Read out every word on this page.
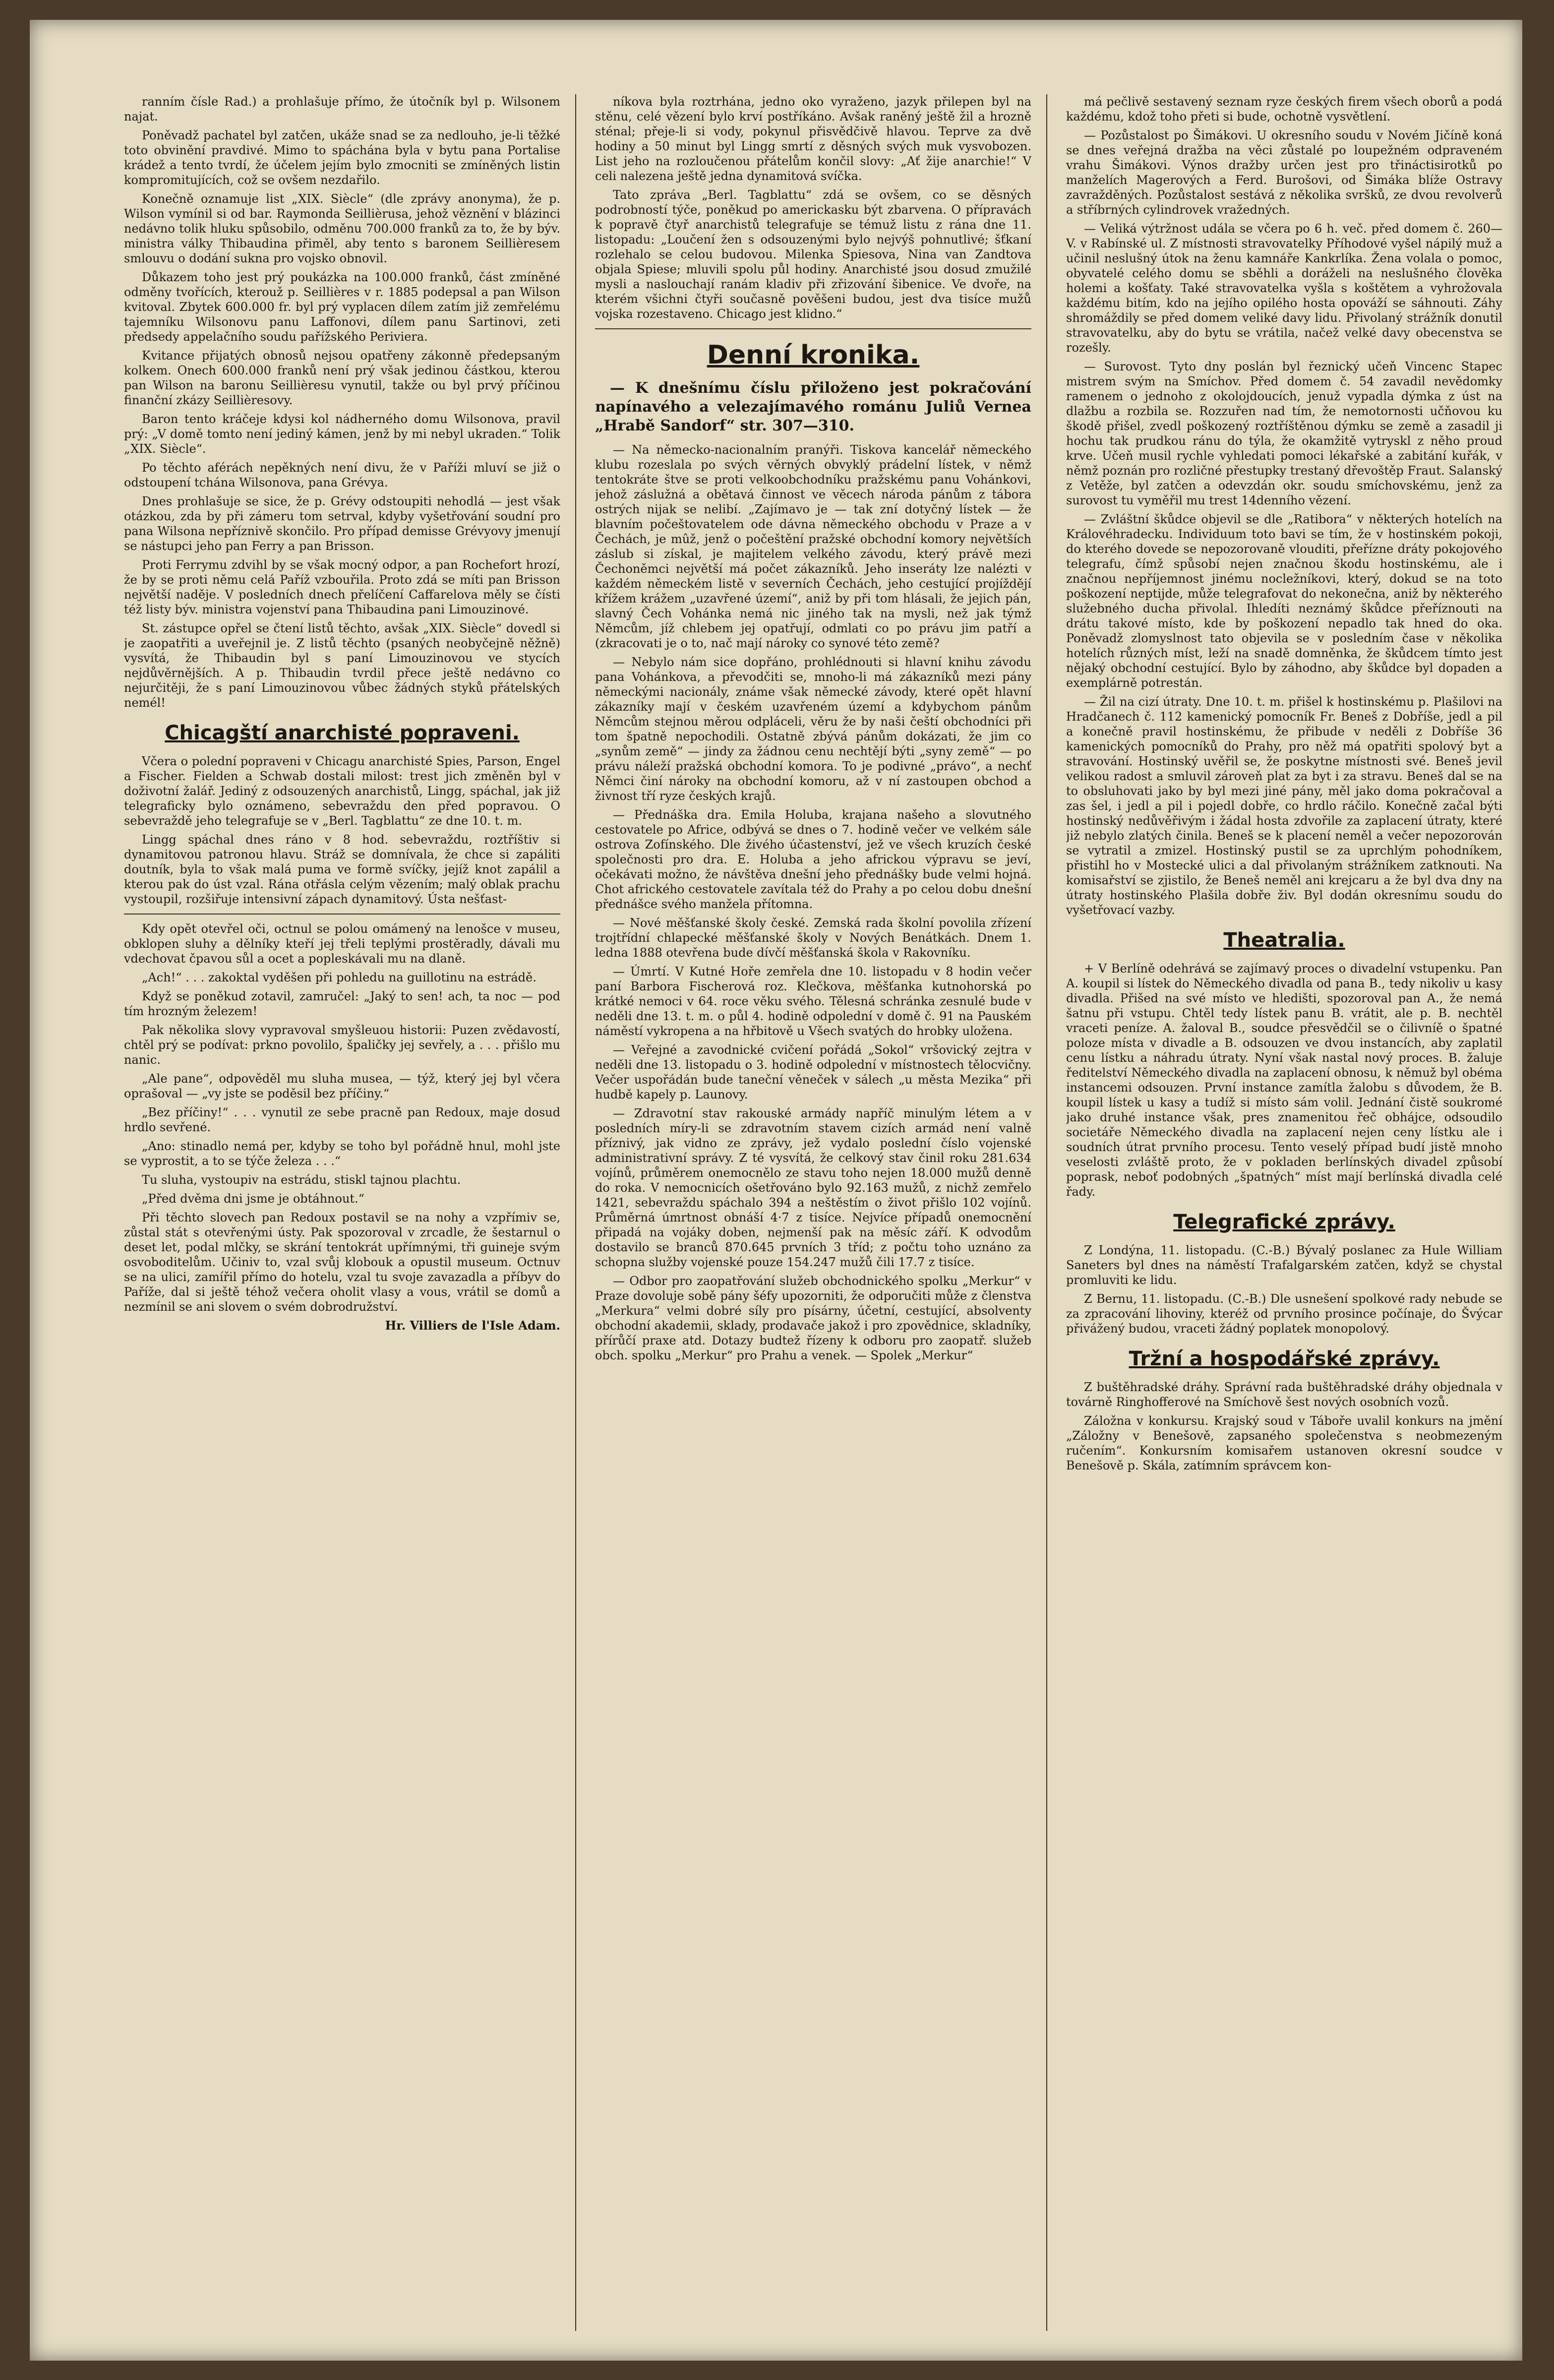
ranním čísle Rad.) a prohlašuje přímo, že útočník byl p. Wilsonem najat.

Poněvadž pachatel byl zatčen, ukáže snad se za nedlouho, je-li těžké toto obvinění pravdivé. Mimo to spáchána byla v bytu pana Portalise krádež a tento tvrdí, že účelem jejím bylo zmocniti se zmíněných listin kompromitujících, což se ovšem nezdařilo.

Konečně oznamuje list „XIX. Siècle“ (dle zprávy anonyma), že p. Wilson vymínil si od bar. Raymonda Seillièrusa, jehož věznění v blázinci nedávno tolik hluku spůsobilo, odměnu 700.000 franků za to, že by býv. ministra války Thibaudina přiměl, aby tento s baronem Seillièresem smlouvu o dodání sukna pro vojsko obnovil.

Důkazem toho jest prý poukázka na 100.000 franků, část zmíněné odměny tvořících, kterouž p. Seillières v r. 1885 podepsal a pan Wilson kvitoval. Zbytek 600.000 fr. byl prý vyplacen dílem zatím již zemřelému tajemníku Wilsonovu panu Laffonovi, dílem panu Sartinovi, zeti předsedy appelačního soudu pařížského Periviera.

Kvitance přijatých obnosů nejsou opatřeny zákonně předepsaným kolkem. Onech 600.000 franků není prý však jedinou částkou, kterou pan Wilson na baronu Seillièresu vynutil, takže ou byl prvý příčinou finanční zkázy Seillièresovy.

Baron tento kráčeje kdysi kol nádherného domu Wilsonova, pravil prý: „V domě tomto není jediný kámen, jenž by mi nebyl ukraden.“ Tolik „XIX. Siècle“.

Po těchto aférách nepěkných není divu, že v Paříži mluví se již o odstoupení tchána Wilsonova, pana Grévya.

Dnes prohlašuje se sice, že p. Grévy odstoupiti nehodlá — jest však otázkou, zda by při zámeru tom setrval, kdyby vyšetřování soudní pro pana Wilsona nepříznivě skončilo. Pro případ demisse Grévyovy jmenují se nástupci jeho pan Ferry a pan Brisson.

Proti Ferrymu zdvihl by se však mocný odpor, a pan Rochefort hrozí, že by se proti němu celá Paříž vzbouřila. Proto zdá se míti pan Brisson největší naděje. V posledních dnech přelíčení Caffarelova měly se čísti též listy býv. ministra vojenství pana Thibaudina pani Limouzinové.

St. zástupce opřel se čtení listů těchto, avšak „XIX. Siècle“ dovedl si je zaopatřiti a uveřejnil je. Z listů těchto (psaných neobyčejně něžně) vysvítá, že Thibaudin byl s paní Limouzinovou ve stycích nejdůvěrnějších. A p. Thibaudin tvrdil přece ještě nedávno co nejurčitěji, že s paní Limouzinovou vůbec žádných styků přátelských nemél!

Chicagští anarchisté popraveni.

Včera o polední popraveni v Chicagu anarchisté Spies, Parson, Engel a Fischer. Fielden a Schwab dostali milost: trest jich změněn byl v doživotní žalář. Jediný z odsouzených anarchistů, Lingg, spáchal, jak již telegraficky bylo oznámeno, sebevraždu den před popravou. O sebevraždě jeho telegrafuje se v „Berl. Tagblattu“ ze dne 10. t. m.

Lingg spáchal dnes ráno v 8 hod. sebevraždu, roztříštiv si dynamitovou patronou hlavu. Stráž se domnívala, že chce si zapáliti doutník, byla to však malá puma ve formě svíčky, jejíž knot zapálil a kterou pak do úst vzal. Rána otřásla celým vězením; malý oblak prachu vystoupil, rozšiřuje intensivní zápach dynamitový. Ústa nešťast-

Kdy opět otevřel oči, octnul se polou omámený na lenošce v museu, obklopen sluhy a dělníky kteří jej třeli teplými prostěradly, dávali mu vdechovat čpavou sůl a ocet a popleskávali mu na dlaně.

„Ach!“ . . . zakoktal vyděšen při pohledu na guillotinu na estrádě.

Když se poněkud zotavil, zamručel: „Jaký to sen! ach, ta noc — pod tím hrozným železem!

Pak několika slovy vypravoval smyšleuou historii: Puzen zvědavostí, chtěl prý se podívat: prkno povolilo, špaličky jej sevřely, a . . . přišlo mu nanic.

„Ale pane“, odpověděl mu sluha musea, — týž, který jej byl včera oprašoval — „vy jste se poděsil bez příčiny.“

„Bez příčiny!“ . . . vynutil ze sebe pracně pan Redoux, maje dosud hrdlo sevřené.

„Ano: stinadlo nemá per, kdyby se toho byl pořádně hnul, mohl jste se vyprostit, a to se týče železa . . .“

Tu sluha, vystoupiv na estrádu, stiskl tajnou plachtu.

„Před dvěma dni jsme je obtáhnout.“

Při těchto slovech pan Redoux postavil se na nohy a vzpřímiv se, zůstal stát s otevřenými ústy. Pak spozoroval v zrcadle, že šestarnul o deset let, podal mlčky, se skrání tentokrát upřímnými, tři guineje svým osvoboditelům. Učiniv to, vzal svůj klobouk a opustil museum. Octnuv se na ulici, zamířil přímo do hotelu, vzal tu svoje zavazadla a příbyv do Paříže, dal si ještě téhož večera oholit vlasy a vous, vrátil se domů a nezmínil se ani slovem o svém dobrodružství.

Hr. Villiers de l'Isle Adam.

níkova byla roztrhána, jedno oko vyraženo, jazyk přilepen byl na stěnu, celé vězení bylo krví postříkáno. Avšak raněný ještě žil a hrozně sténal; přeje-li si vody, pokynul přisvědčivě hlavou. Teprve za dvě hodiny a 50 minut byl Lingg smrtí z děsných svých muk vysvobozen. List jeho na rozloučenou přátelům končil slovy: „Ať žije anarchie!“ V celi nalezena ještě jedna dynamitová svíčka.

Tato zpráva „Berl. Tagblattu“ zdá se ovšem, co se děsných podrobností týče, poněkud po americkasku být zbarvena. O přípravách k popravě čtyř anarchistů telegrafuje se témuž listu z rána dne 11. listopadu: „Loučení žen s odsouzenými bylo nejvýš pohnutlivé; šťkaní rozlehalo se celou budovou. Milenka Spiesova, Nina van Zandtova objala Spiese; mluvili spolu půl hodiny. Anarchisté jsou dosud zmužilé mysli a naslouchají ranám kladiv při zřizování šibenice. Ve dvoře, na kterém všichni čtyři současně pověšeni budou, jest dva tisíce mužů vojska rozestaveno. Chicago jest klidno.“

Denní kronika.

— K dnešnímu číslu přiloženo jest pokračování napínavého a velezajímavého románu Juliů Vernea „Hrabě Sandorf“ str. 307—310.

— Na německo-nacionalním pranýři. Tiskova kancelář německého klubu rozeslala po svých věrných obvyklý prádelní lístek, v němž tentokráte štve se proti velkoobchodníku pražskému panu Vohánkovi, jehož záslužná a obětavá činnost ve věcech národa pánům z tábora ostrých nijak se nelibí. „Zajímavo je — tak zní dotyčný lístek — že blavním počeštovatelem ode dávna německého obchodu v Praze a v Čechách, je mûž, jenž o počeštění pražské obchodní komory největších záslub si získal, je majitelem velkého závodu, který právě mezi Čechoněmci největší má počet zákazníků. Jeho inseráty lze nalézti v každém německém listě v severních Čechách, jeho cestující projíždějí křížem krážem „uzavřené území“, aniž by při tom hlásali, že jejich pán, slavný Čech Vohánka nemá nic jiného tak na mysli, než jak týmž Němcům, jíž chlebem jej opatřují, odmlati co po právu jim patří a (zkracovati je o to, nač mají nároky co synové této země?

— Nebylo nám sice dopřáno, prohlédnouti si hlavní knihu závodu pana Vohánkova, a převodčiti se, mnoho-li má zákazníků mezi pány německými nacionály, známe však německé závody, které opět hlavní zákazníky mají v českém uzavřeném území a kdybychom pánům Němcům stejnou měrou odpláceli, věru že by naši čeští obchodníci při tom špatně nepochodili. Ostatně zbývá pánům dokázati, že jim co „synům země“ — jindy za žádnou cenu nechtějí býti „syny země“ — po právu náleží pražská obchodní komora. To je podivné „právo“, a nechť Němci činí nároky na obchodní komoru, až v ní zastoupen obchod a živnost tří ryze českých krajů.

— Přednáška dra. Emila Holuba, krajana našeho a slovutného cestovatele po Africe, odbývá se dnes o 7. hodině večer ve velkém sále ostrova Zofínského. Dle živého účastenství, jež ve všech kruzích české společnosti pro dra. E. Holuba a jeho africkou výpravu se jeví, očekávati možno, že návštěva dnešní jeho přednášky bude velmi hojná. Chot afrického cestovatele zavítala též do Prahy a po celou dobu dnešní přednášce svého manžela přítomna.

— Nové měšťanské školy české. Zemská rada školní povolila zřízení trojtřídní chlapecké měšťanské školy v Nových Benátkách. Dnem 1. ledna 1888 otevřena bude dívčí měšťanská škola v Rakovníku.

— Úmrtí. V Kutné Hoře zemřela dne 10. listopadu v 8 hodin večer paní Barbora Fischerová roz. Klečkova, měšťanka kutnohorská po krátké nemoci v 64. roce věku svého. Tělesná schránka zesnulé bude v neděli dne 13. t. m. o půl 4. hodině odpolední v domě č. 91 na Pauském náměstí vykropena a na hřbitově u Všech svatých do hrobky uložena.

— Veřejné a zavodnické cvičení pořádá „Sokol“ vršovický zejtra v neděli dne 13. listopadu o 3. hodině odpolední v místnostech tělocvičny. Večer uspořádán bude taneční věneček v sálech „u města Mezika“ při hudbě kapely p. Launovy.

— Zdravotní stav rakouské armády napříč minulým létem a v posledních míry-li se zdravotním stavem cizích armád není valně příznivý, jak vidno ze zprávy, jež vydalo poslední číslo vojenské administrativní správy. Z té vysvítá, že celkový stav činil roku 281.634 vojínů, průměrem onemocnělo ze stavu toho nejen 18.000 mužů denně do roka. V nemocnicích ošetřováno bylo 92.163 mužů, z nichž zemřelo 1421, sebevraždu spáchalo 394 a neštěstím o život přišlo 102 vojínů. Průměrná úmrtnost obnáší 4·7 z tisíce. Nejvíce případů onemocnění připadá na vojáky doben, nejmenší pak na měsíc září. K odvodům dostavilo se branců 870.645 prvních 3 tříd; z počtu toho uznáno za schopna služby vojenské pouze 154.247 mužů čili 17.7 z tisíce.

— Odbor pro zaopatřování služeb obchodnického spolku „Merkur“ v Praze dovoluje sobě pány šéfy upozorniti, že odporučiti může z členstva „Merkura“ velmi dobré síly pro písárny, účetní, cestující, absolventy obchodní akademii, sklady, prodavače jakož i pro zpovědnice, skladníky, přírůčí praxe atd. Dotazy budtež řízeny k odboru pro zaopatř. služeb obch. spolku „Merkur“ pro Prahu a venek. — Spolek „Merkur“

má pečlivě sestavený seznam ryze českých firem všech oborů a podá každému, kdož toho přeti si bude, ochotně vysvětlení.

— Pozůstalost po Šimákovi. U okresního soudu v Novém Jičíně koná se dnes veřejná dražba na věci zůstalé po loupežném odpraveném vrahu Šimákovi. Výnos dražby určen jest pro třináctisirotků po manželích Magerových a Ferd. Burošovi, od Šimáka blíže Ostravy zavražděných. Pozůstalost sestává z několika svršků, ze dvou revolverů a stříbrných cylindrovek vražedných.

— Veliká výtržnost udála se včera po 6 h. več. před domem č. 260—V. v Rabínské ul. Z místnosti stravovatelky Příhodové vyšel nápilý muž a učinil neslušný útok na ženu kamnáře Kankrlíka. Žena volala o pomoc, obyvatelé celého domu se sběhli a doráželi na neslušného člověka holemi a košťaty. Také stravovatelka vyšla s koštětem a vyhrožovala každému bitím, kdo na jejího opilého hosta opováží se sáhnouti. Záhy shromáždily se před domem veliké davy lidu. Přivolaný strážník donutil stravovatelku, aby do bytu se vrátila, načež velké davy obecenstva se rozešly.

— Surovost. Tyto dny poslán byl řeznický učeň Vincenc Stapec mistrem svým na Smíchov. Před domem č. 54 zavadil nevědomky ramenem o jednoho z okolojdoucích, jenuž vypadla dýmka z úst na dlažbu a rozbila se. Rozzuřen nad tím, že nemotornosti učňovou ku škodě přišel, zvedl poškozený roztříštěnou dýmku se země a zasadil ji hochu tak prudkou ránu do týla, že okamžitě vytryskl z něho proud krve. Učeň musil rychle vyhledati pomoci lékařské a zabitání kuřák, v němž poznán pro rozličné přestupky trestaný dřevoštěp Fraut. Salanský z Vetěže, byl zatčen a odevzdán okr. soudu smíchovskému, jenž za surovost tu vyměřil mu trest 14denního vězení.

— Zvláštní škůdce objevil se dle „Ratibora“ v některých hotelích na Královéhradecku. Individuum toto bavi se tím, že v hostinském pokoji, do kterého dovede se nepozorovaně vlouditi, přeřízne dráty pokojového telegrafu, čímž spůsobí nejen značnou škodu hostinskému, ale i značnou nepříjemnost jinému nocležníkovi, který, dokud se na toto poškození neptijde, může telegrafovat do nekonečna, aniž by některého služebného ducha přivolal. Ihledíti neznámý škůdce přeříznouti na drátu takové místo, kde by poškození nepadlo tak hned do oka. Poněvadž zlomyslnost tato objevila se v posledním čase v několika hotelích různých míst, leží na snadě domněnka, že škůdcem tímto jest nějaký obchodní cestující. Bylo by záhodno, aby škůdce byl dopaden a exemplárně potrestán.

— Žil na cizí útraty. Dne 10. t. m. přišel k hostinskému p. Plašilovi na Hradčanech č. 112 kamenický pomocník Fr. Beneš z Dobříše, jedl a pil a konečně pravil hostinskému, že přibude v neděli z Dobříše 36 kamenických pomocníků do Prahy, pro něž má opatřiti spolový byt a stravování. Hostinský uvěřil se, že poskytne místnosti své. Beneš jevil velikou radost a smluvil zároveň plat za byt i za stravu. Beneš dal se na to obsluhovati jako by byl mezi jiné pány, měl jako doma pokračoval a zas šel, i jedl a pil i pojedl dobře, co hrdlo ráčilo. Konečně začal býti hostinský nedůvěřivým i žádal hosta zdvořile za zaplacení útraty, které již nebylo zlatých činila. Beneš se k placení neměl a večer nepozorován se vytratil a zmizel. Hostinský pustil se za uprchlým pohodníkem, přistihl ho v Mostecké ulici a dal přivolaným strážníkem zatknouti. Na komisařství se zjistilo, že Beneš neměl ani krejcaru a že byl dva dny na útraty hostinského Plašila dobře živ. Byl dodán okresnímu soudu do vyšetřovací vazby.

Theatralia.

+ V Berlíně odehrává se zajímavý proces o divadelní vstupenku. Pan A. koupil si lístek do Německého divadla od pana B., tedy nikoliv u kasy divadla. Přišed na své místo ve hledišti, spozoroval pan A., že nemá šatnu při vstupu. Chtěl tedy lístek panu B. vrátit, ale p. B. nechtěl vraceti peníze. A. žaloval B., soudce přesvědčil se o čilivníě o špatné poloze místa v divadle a B. odsouzen ve dvou instancích, aby zaplatil cenu lístku a náhradu útraty. Nyní však nastal nový proces. B. žaluje ředitelství Německého divadla na zaplacení obnosu, k němuž byl obéma instancemi odsouzen. První instance zamítla žalobu s důvodem, že B. koupil lístek u kasy a tudíž si místo sám volil. Jednání čistě soukromé jako druhé instance však, pres znamenitou řeč obhájce, odsoudilo societáře Německého divadla na zaplacení nejen ceny lístku ale i soudních útrat prvního procesu. Tento veselý případ budí jistě mnoho veselosti zvláště proto, že v pokladen berlínských divadel způsobí poprask, neboť podobných „špatných“ míst mají berlínská divadla celé řady.

Telegrafické zprávy.

Z Londýna, 11. listopadu. (C.-B.) Bývalý poslanec za Hule William Saneters byl dnes na náměstí Trafalgarském zatčen, když se chystal promluviti ke lidu.

Z Bernu, 11. listopadu. (C.-B.) Dle usnešení spolkové rady nebude se za zpracování lihoviny, kteréž od prvního prosince počínaje, do Švýcar přivážený budou, vraceti žádný poplatek monopolový.

Tržní a hospodářské zprávy.

Z buštěhradské dráhy. Správní rada buštěhradské dráhy objednala v továrně Ringhofferové na Smíchově šest nových osobních vozů.

Záložna v konkursu. Krajský soud v Táboře uvalil konkurs na jmění „Záložny v Benešově, zapsaného společenstva s neobmezeným ručením“. Konkursním komisařem ustanoven okresní soudce v Benešově p. Skála, zatímním správcem kon-
